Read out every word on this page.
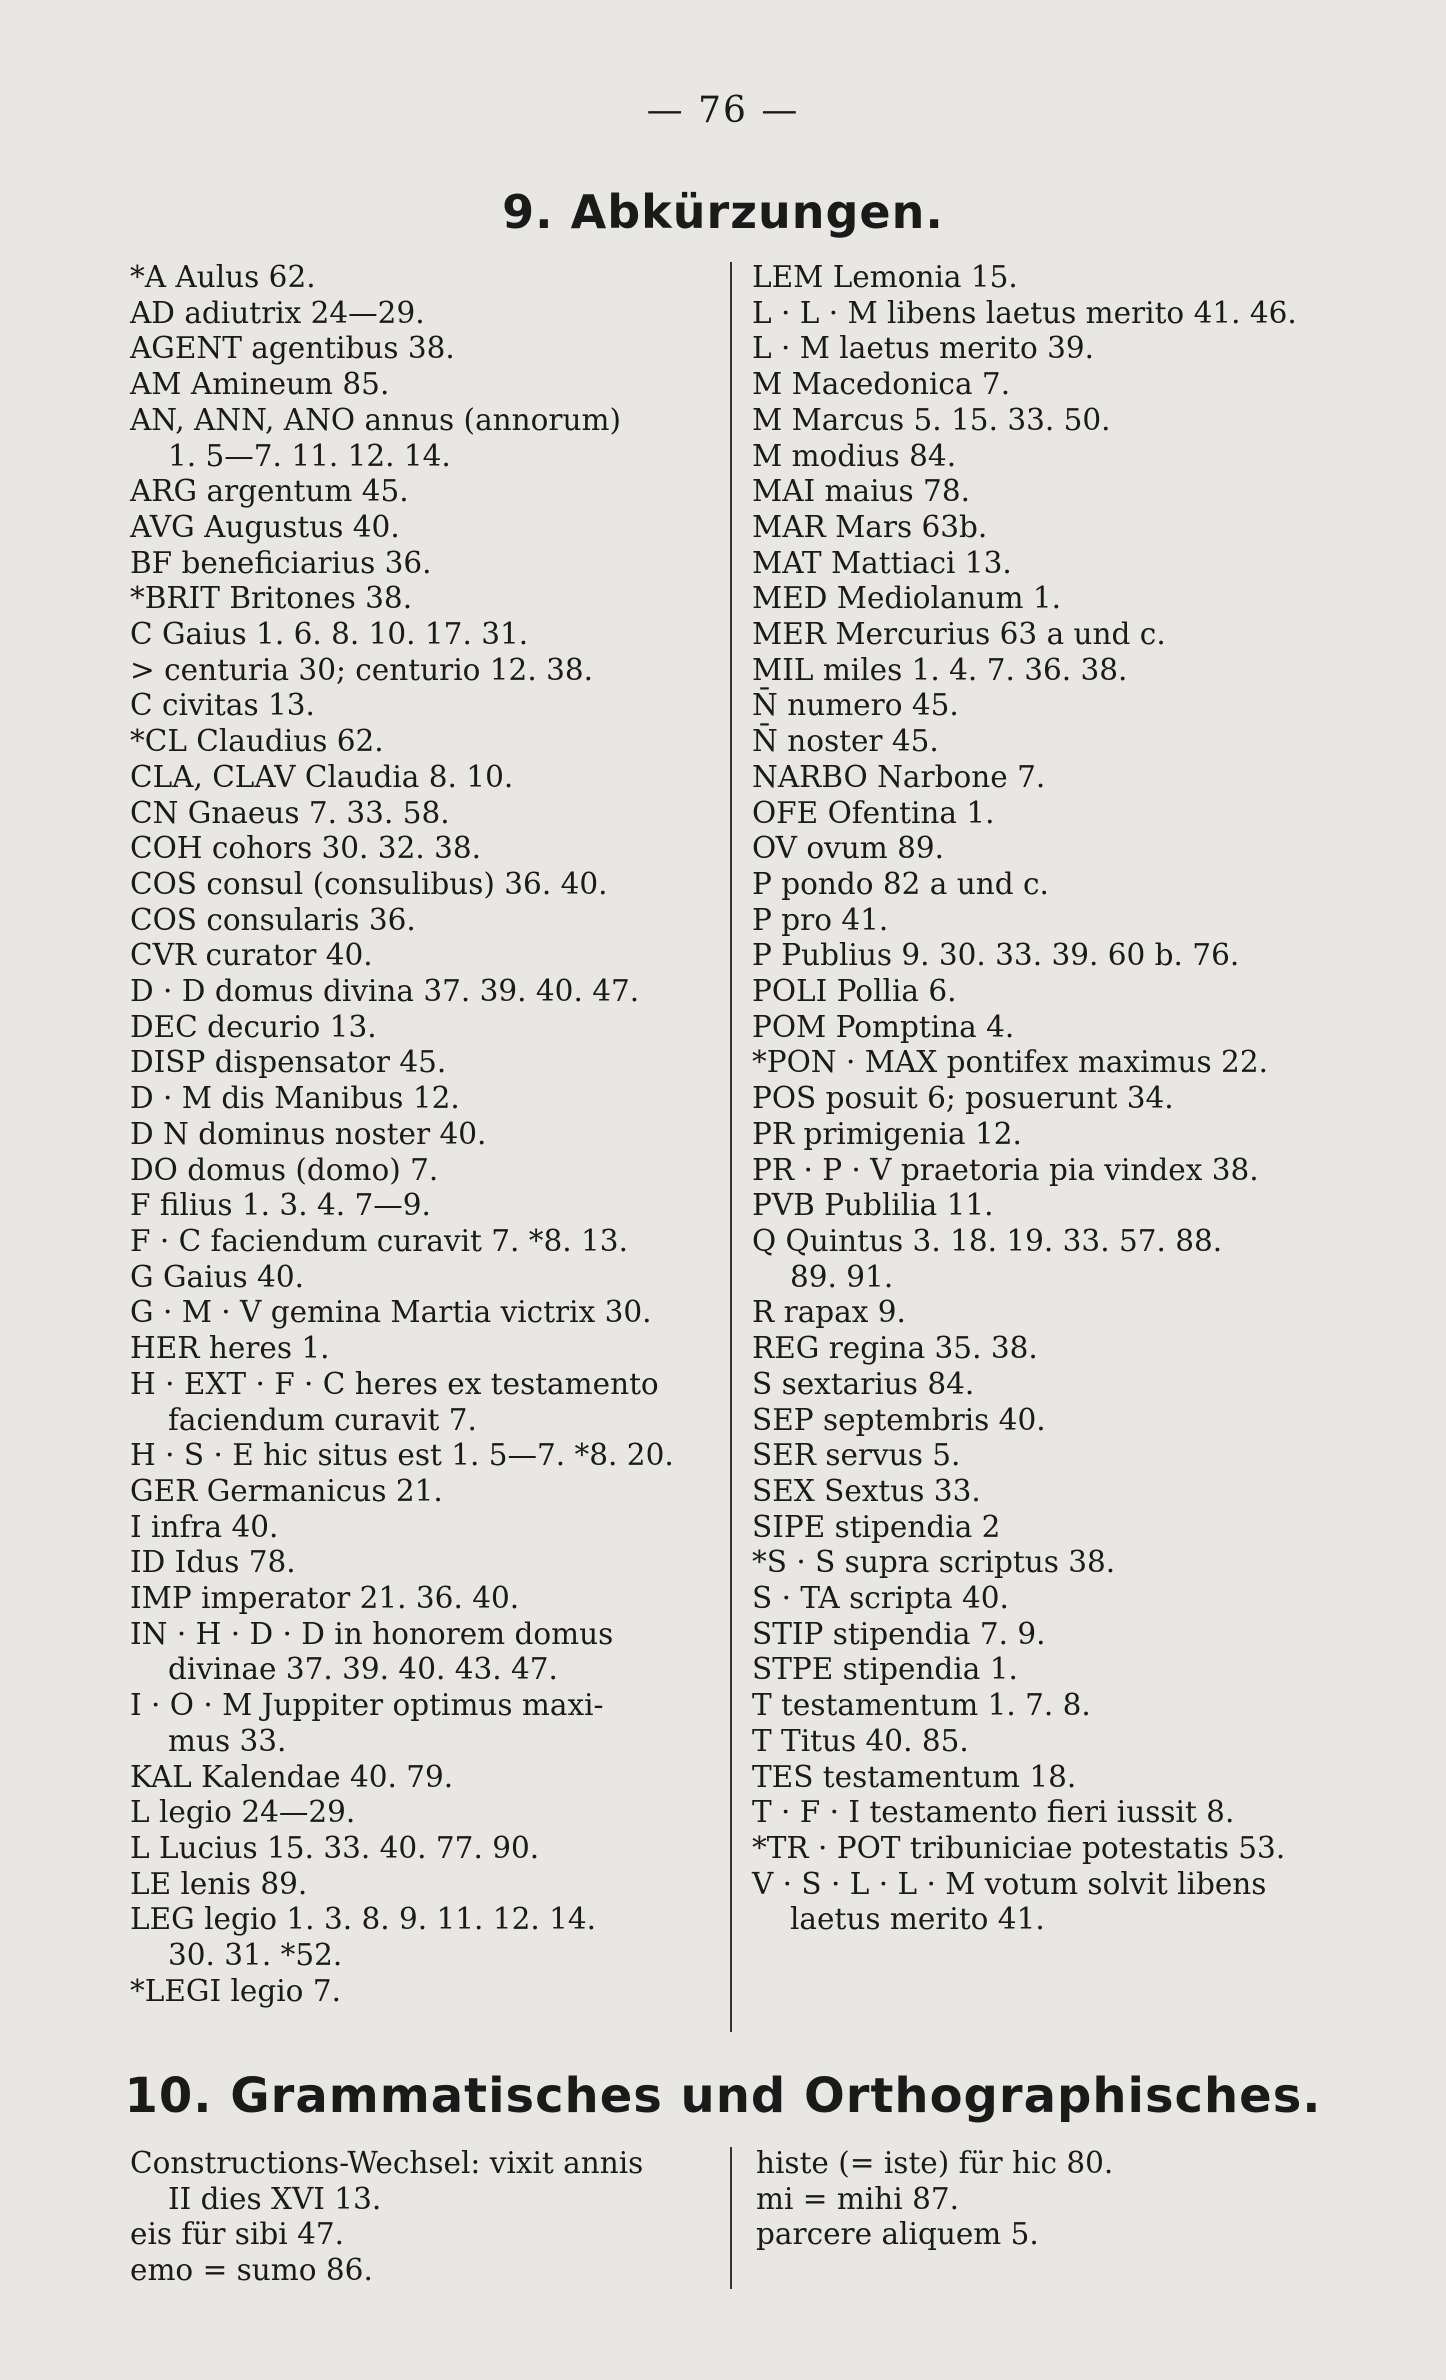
— 76 —
9. Abkürzungen.
*A Aulus 62.
AD adiutrix 24—29.
AGENT agentibus 38.
AM Amineum 85.
AN, ANN, ANO annus (annorum)
1. 5—7. 11. 12. 14.
ARG argentum 45.
AVG Augustus 40.
BF beneficiarius 36.
*BRIT Britones 38.
C Gaius 1. 6. 8. 10. 17. 31.
> centuria 30; centurio 12. 38.
C civitas 13.
*CL Claudius 62.
CLA, CLAV Claudia 8. 10.
CN Gnaeus 7. 33. 58.
COH cohors 30. 32. 38.
COS consul (consulibus) 36. 40.
COS consularis 36.
CVR curator 40.
D · D domus divina 37. 39. 40. 47.
DEC decurio 13.
DISP dispensator 45.
D · M dis Manibus 12.
D N dominus noster 40.
DO domus (domo) 7.
F filius 1. 3. 4. 7—9.
F · C faciendum curavit 7. *8. 13.
G Gaius 40.
G · M · V gemina Martia victrix 30.
HER heres 1.
H · EXT · F · C heres ex testamento
faciendum curavit 7.
H · S · E hic situs est 1. 5—7. *8. 20.
GER Germanicus 21.
I infra 40.
ID Idus 78.
IMP imperator 21. 36. 40.
IN · H · D · D in honorem domus
divinae 37. 39. 40. 43. 47.
I · O · M Juppiter optimus maxi-
mus 33.
KAL Kalendae 40. 79.
L legio 24—29.
L Lucius 15. 33. 40. 77. 90.
LE lenis 89.
LEG legio 1. 3. 8. 9. 11. 12. 14.
30. 31. *52.
*LEGI legio 7.
LEM Lemonia 15.
L · L · M libens laetus merito 41. 46.
L · M laetus merito 39.
M Macedonica 7.
M Marcus 5. 15. 33. 50.
M modius 84.
MAI maius 78.
MAR Mars 63b.
MAT Mattiaci 13.
MED Mediolanum 1.
MER Mercurius 63 a und c.
MIL miles 1. 4. 7. 36. 38.
N̄ numero 45.
N̄ noster 45.
NARBO Narbone 7.
OFE Ofentina 1.
OV ovum 89.
P pondo 82 a und c.
P pro 41.
P Publius 9. 30. 33. 39. 60 b. 76.
POLI Pollia 6.
POM Pomptina 4.
*PON · MAX pontifex maximus 22.
POS posuit 6; posuerunt 34.
PR primigenia 12.
PR · P · V praetoria pia vindex 38.
PVB Publilia 11.
Q Quintus 3. 18. 19. 33. 57. 88.
89. 91.
R rapax 9.
REG regina 35. 38.
S sextarius 84.
SEP septembris 40.
SER servus 5.
SEX Sextus 33.
SIPE stipendia 2
*S · S supra scriptus 38.
S · TA scripta 40.
STIP stipendia 7. 9.
STPE stipendia 1.
T testamentum 1. 7. 8.
T Titus 40. 85.
TES testamentum 18.
T · F · I testamento fieri iussit 8.
*TR · POT tribuniciae potestatis 53.
V · S · L · L · M votum solvit libens
laetus merito 41.
10. Grammatisches und Orthographisches.
Constructions-Wechsel: vixit annis
II dies XVI 13.
eis für sibi 47.
emo = sumo 86.
histe (= iste) für hic 80.
mi = mihi 87.
parcere aliquem 5.
